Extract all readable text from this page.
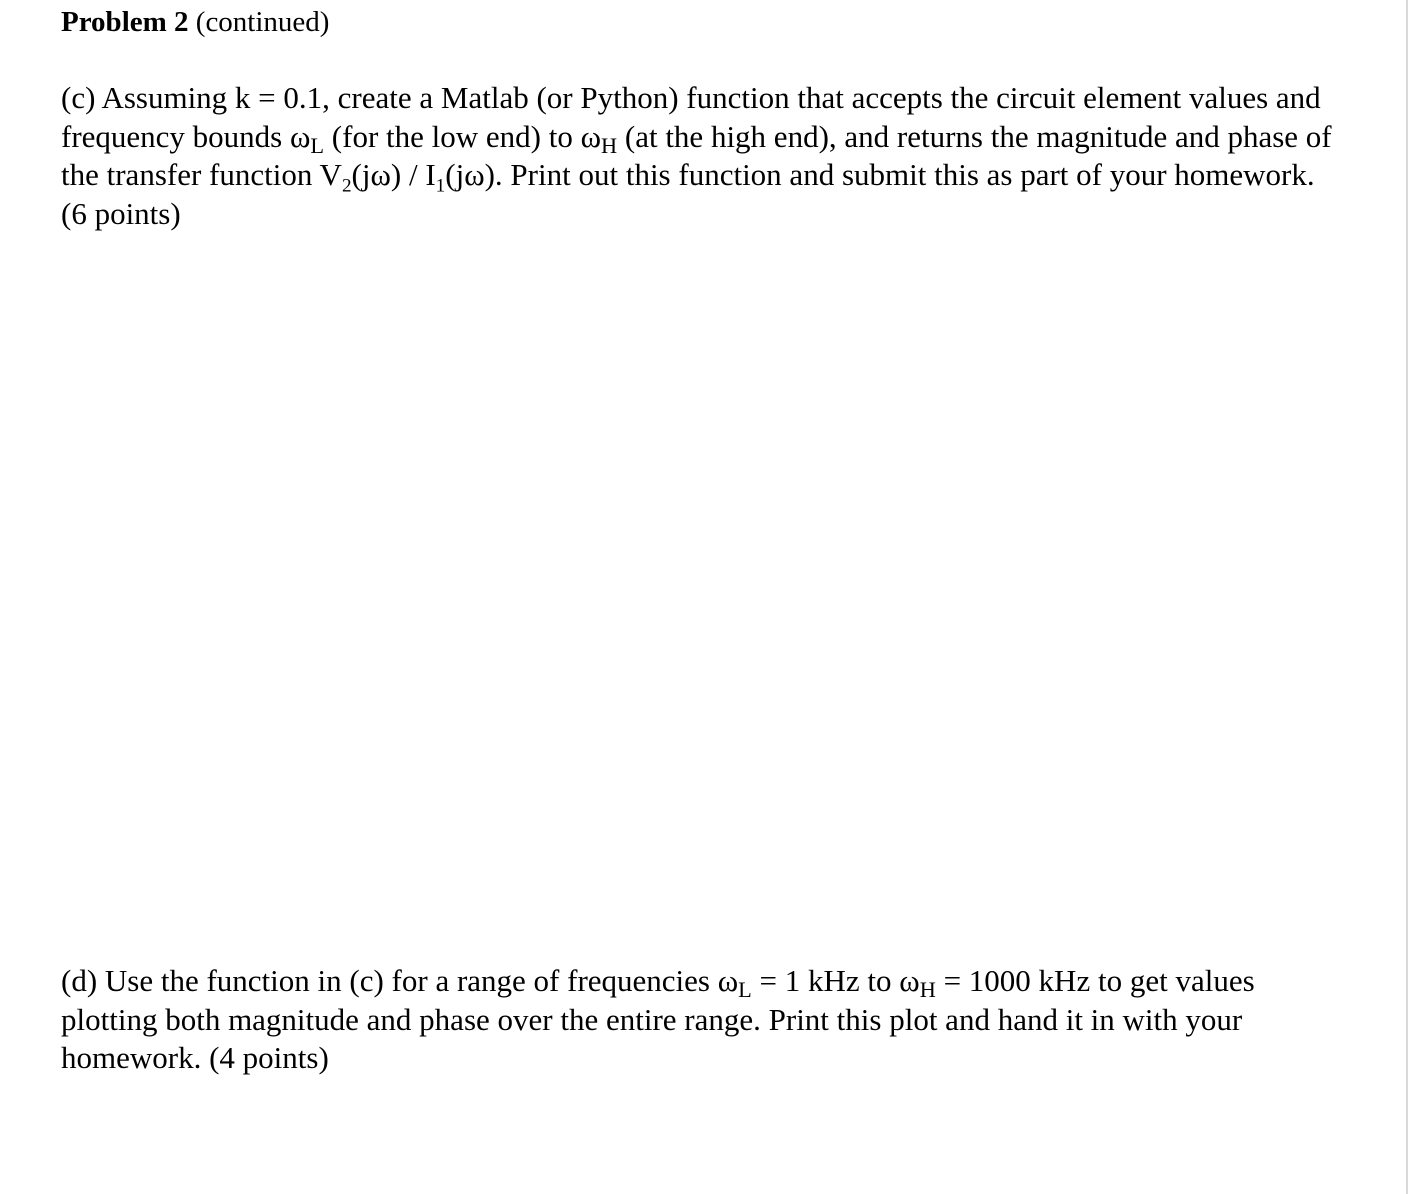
Problem 2 (continued)
(c) Assuming k = 0.1, create a Matlab (or Python) function that accepts the circuit element values and
frequency bounds $\omega_L$ (for the low end) to $\omega_H$ (at the high end), and returns the magnitude and phase of
the transfer function $V_2(j\omega) / I_1(j\omega)$. Print out this function and submit this as part of your homework.
(6 points)
(d) Use the function in (c) for a range of frequencies $\omega_L = 1$ kHz to $\omega_H = 1000$ kHz to get values
plotting both magnitude and phase over the entire range. Print this plot and hand it in with your
homework. (4 points)
